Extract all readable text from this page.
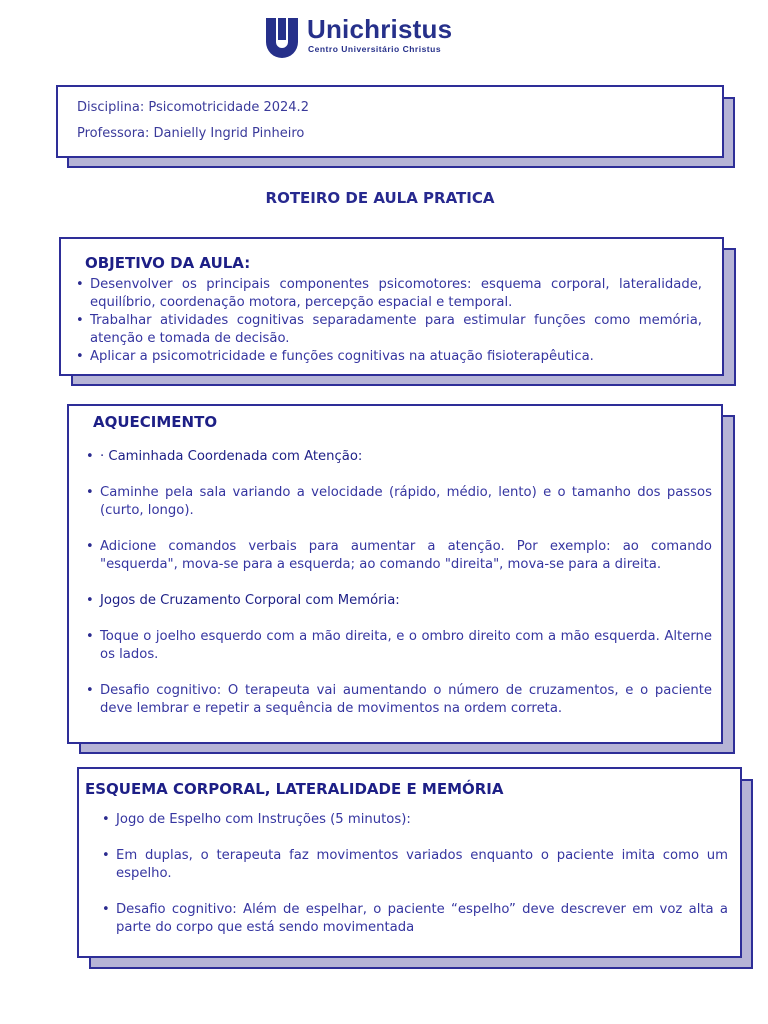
Unichristus
Centro Universitário Christus
Disciplina: Psicomotricidade 2024.2
Professora: Danielly Ingrid Pinheiro
ROTEIRO DE AULA PRATICA
OBJETIVO DA AULA:
• Desenvolver os principais componentes psicomotores: esquema corporal, lateralidade, equilíbrio, coordenação motora, percepção espacial e temporal.
• Trabalhar atividades cognitivas separadamente para estimular funções como memória, atenção e tomada de decisão.
• Aplicar a psicomotricidade e funções cognitivas na atuação fisioterapêutica.
AQUECIMENTO
• · Caminhada Coordenada com Atenção:
• Caminhe pela sala variando a velocidade (rápido, médio, lento) e o tamanho dos passos (curto, longo).
• Adicione comandos verbais para aumentar a atenção. Por exemplo: ao comando "esquerda", mova-se para a esquerda; ao comando "direita", mova-se para a direita.
• Jogos de Cruzamento Corporal com Memória:
• Toque o joelho esquerdo com a mão direita, e o ombro direito com a mão esquerda. Alterne os lados.
• Desafio cognitivo: O terapeuta vai aumentando o número de cruzamentos, e o paciente deve lembrar e repetir a sequência de movimentos na ordem correta.
ESQUEMA CORPORAL, LATERALIDADE E MEMÓRIA
• Jogo de Espelho com Instruções (5 minutos):
• Em duplas, o terapeuta faz movimentos variados enquanto o paciente imita como um espelho.
• Desafio cognitivo: Além de espelhar, o paciente “espelho” deve descrever em voz alta a parte do corpo que está sendo movimentada
